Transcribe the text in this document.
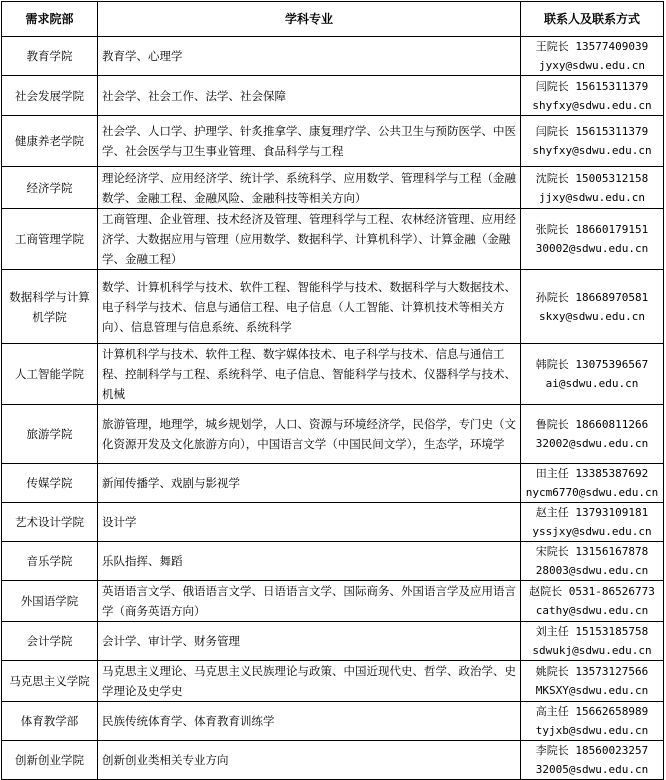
需求院部	学科专业	联系人及联系方式
教育学院	教育学、心理学	王院长 13577409039
jyxy@sdwu.edu.cn

社会发展学院	社会学、社会工作、法学、社会保障	闫院长 15615311379
shyfxy@sdwu.edu.cn

健康养老学院	社会学、人口学、护理学、针炙推拿学、康复理疗学、公共卫生与预防医学、中医学、社会医学与卫生事业管理、食品科学与工程	闫院长 15615311379
shyfxy@sdwu.edu.cn

经济学院	理论经济学、应用经济学、统计学、系统科学、应用数学、管理科学与工程（金融数学、金融工程、金融风险、金融科技等相关方向）	沈院长 15005312158
jjxy@sdwu.edu.cn

工商管理学院	工商管理、企业管理、技术经济及管理、管理科学与工程、农林经济管理、应用经济学、大数据应用与管理（应用数学、数据科学、计算机科学）、计算金融（金融学、金融工程）	张院长 18660179151
30002@sdwu.edu.cn

数据科学与计算机学院	数学、计算机科学与技术、软件工程、智能科学与技术、数据科学与大数据技术、电子科学与技术、信息与通信工程、电子信息（人工智能、计算机技术等相关方向）、信息管理与信息系统、系统科学	孙院长 18668970581
skxy@sdwu.edu.cn

人工智能学院	计算机科学与技术、软件工程、数字媒体技术、电子科学与技术、信息与通信工程、控制科学与工程、系统科学、电子信息、智能科学与技术、仪器科学与技术、机械	韩院长 13075396567
ai@sdwu.edu.cn

旅游学院	旅游管理，地理学，城乡规划学，人口、资源与环境经济学，民俗学，专门史（文化资源开发及文化旅游方向），中国语言文学（中国民间文学），生态学，环境学	鲁院长 18660811266
32002@sdwu.edu.cn

传媒学院	新闻传播学、戏剧与影视学	田主任 13385387692
nycm6770@sdwu.edu.cn

艺术设计学院	设计学	赵主任 13793109181
yssjxy@sdwu.edu.cn

音乐学院	乐队指挥、舞蹈	宋院长 13156167878
28003@sdwu.edu.cn

外国语学院	英语语言文学、俄语语言文学、日语语言文学、国际商务、外国语言学及应用语言学（商务英语方向）	赵院长 0531-86526773
cathy@sdwu.edu.cn

会计学院	会计学、审计学、财务管理	刘主任 15153185758
sdwukj@sdwu.edu.cn

马克思主义学院	马克思主义理论、马克思主义民族理论与政策、中国近现代史、哲学、政治学、史学理论及史学史	姚院长 13573127566
MKSXY@sdwu.edu.cn

体育教学部	民族传统体育学、体育教育训练学	高主任 15662658989
tyjxb@sdwu.edu.cn

创新创业学院	创新创业类相关专业方向	李院长 18560023257
32005@sdwu.edu.cn
